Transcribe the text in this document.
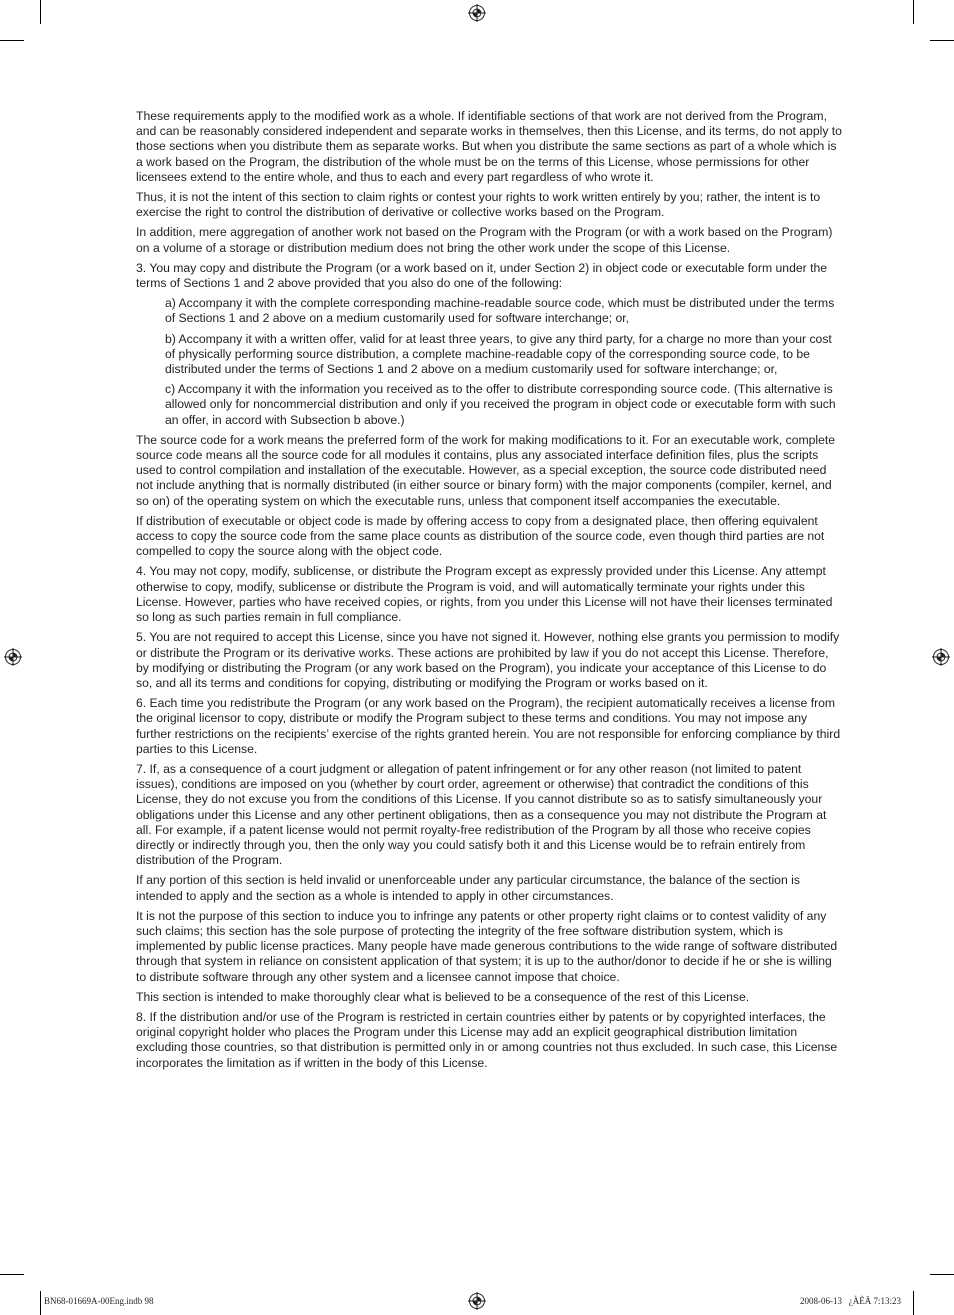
These requirements apply to the modified work as a whole. If identifiable sections of that work are not derived from the Program, and can be reasonably considered independent and separate works in themselves, then this License, and its terms, do not apply to those sections when you distribute them as separate works. But when you distribute the same sections as part of a whole which is a work based on the Program, the distribution of the whole must be on the terms of this License, whose permissions for other licensees extend to the entire whole, and thus to each and every part regardless of who wrote it.

Thus, it is not the intent of this section to claim rights or contest your rights to work written entirely by you; rather, the intent is to exercise the right to control the distribution of derivative or collective works based on the Program.

In addition, mere aggregation of another work not based on the Program with the Program (or with a work based on the Program) on a volume of a storage or distribution medium does not bring the other work under the scope of this License.

3. You may copy and distribute the Program (or a work based on it, under Section 2) in object code or executable form under the terms of Sections 1 and 2 above provided that you also do one of the following:

a) Accompany it with the complete corresponding machine-readable source code, which must be distributed under the terms of Sections 1 and 2 above on a medium customarily used for software interchange; or,

b) Accompany it with a written offer, valid for at least three years, to give any third party, for a charge no more than your cost of physically performing source distribution, a complete machine-readable copy of the corresponding source code, to be distributed under the terms of Sections 1 and 2 above on a medium customarily used for software interchange; or,

c) Accompany it with the information you received as to the offer to distribute corresponding source code. (This alternative is allowed only for noncommercial distribution and only if you received the program in object code or executable form with such an offer, in accord with Subsection b above.)

The source code for a work means the preferred form of the work for making modifications to it. For an executable work, complete source code means all the source code for all modules it contains, plus any associated interface definition files, plus the scripts used to control compilation and installation of the executable. However, as a special exception, the source code distributed need not include anything that is normally distributed (in either source or binary form) with the major components (compiler, kernel, and so on) of the operating system on which the executable runs, unless that component itself accompanies the executable.

If distribution of executable or object code is made by offering access to copy from a designated place, then offering equivalent access to copy the source code from the same place counts as distribution of the source code, even though third parties are not compelled to copy the source along with the object code.

4. You may not copy, modify, sublicense, or distribute the Program except as expressly provided under this License. Any attempt otherwise to copy, modify, sublicense or distribute the Program is void, and will automatically terminate your rights under this License. However, parties who have received copies, or rights, from you under this License will not have their licenses terminated so long as such parties remain in full compliance.

5. You are not required to accept this License, since you have not signed it. However, nothing else grants you permission to modify or distribute the Program or its derivative works. These actions are prohibited by law if you do not accept this License. Therefore, by modifying or distributing the Program (or any work based on the Program), you indicate your acceptance of this License to do so, and all its terms and conditions for copying, distributing or modifying the Program or works based on it.

6. Each time you redistribute the Program (or any work based on the Program), the recipient automatically receives a license from the original licensor to copy, distribute or modify the Program subject to these terms and conditions. You may not impose any further restrictions on the recipients’ exercise of the rights granted herein. You are not responsible for enforcing compliance by third parties to this License.

7. If, as a consequence of a court judgment or allegation of patent infringement or for any other reason (not limited to patent issues), conditions are imposed on you (whether by court order, agreement or otherwise) that contradict the conditions of this License, they do not excuse you from the conditions of this License. If you cannot distribute so as to satisfy simultaneously your obligations under this License and any other pertinent obligations, then as a consequence you may not distribute the Program at all. For example, if a patent license would not permit royalty-free redistribution of the Program by all those who receive copies directly or indirectly through you, then the only way you could satisfy both it and this License would be to refrain entirely from distribution of the Program.

If any portion of this section is held invalid or unenforceable under any particular circumstance, the balance of the section is intended to apply and the section as a whole is intended to apply in other circumstances.

It is not the purpose of this section to induce you to infringe any patents or other property right claims or to contest validity of any such claims; this section has the sole purpose of protecting the integrity of the free software distribution system, which is implemented by public license practices. Many people have made generous contributions to the wide range of software distributed through that system in reliance on consistent application of that system; it is up to the author/donor to decide if he or she is willing to distribute software through any other system and a licensee cannot impose that choice.

This section is intended to make thoroughly clear what is believed to be a consequence of the rest of this License.

8. If the distribution and/or use of the Program is restricted in certain countries either by patents or by copyrighted interfaces, the original copyright holder who places the Program under this License may add an explicit geographical distribution limitation excluding those countries, so that distribution is permitted only in or among countries not thus excluded. In such case, this License incorporates the limitation as if written in the body of this License.

BN68-01669A-00Eng.indb 98	2008-06-13   ¿ÀÈÄ 7:13:23
